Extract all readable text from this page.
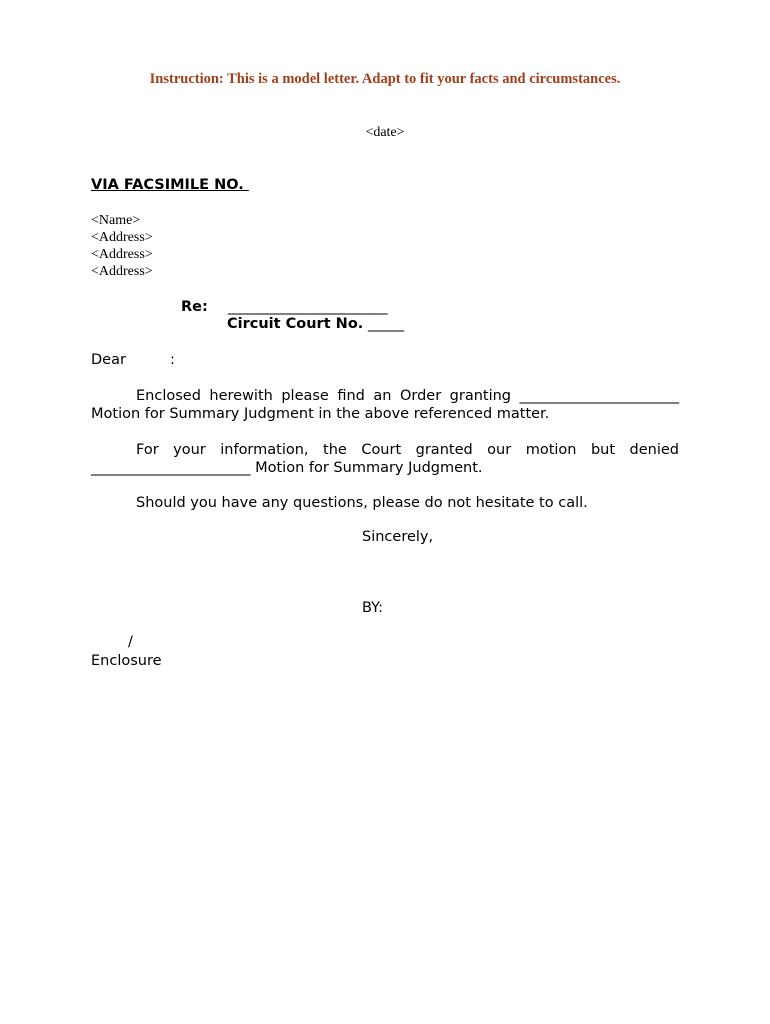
Instruction: This is a model letter. Adapt to fit your facts and circumstances.
<date>
VIA FACSIMILE NO.
<Name>
<Address>
<Address>
<Address>
Re: ______________________
Circuit Court No. _____
Dear	:
Enclosed herewith please find an Order granting ______________________
Motion for Summary Judgment in the above referenced matter.
For your information, the Court granted our motion but denied
______________________ Motion for Summary Judgment.
Should you have any questions, please do not hesitate to call.
Sincerely,
BY:
/
Enclosure
